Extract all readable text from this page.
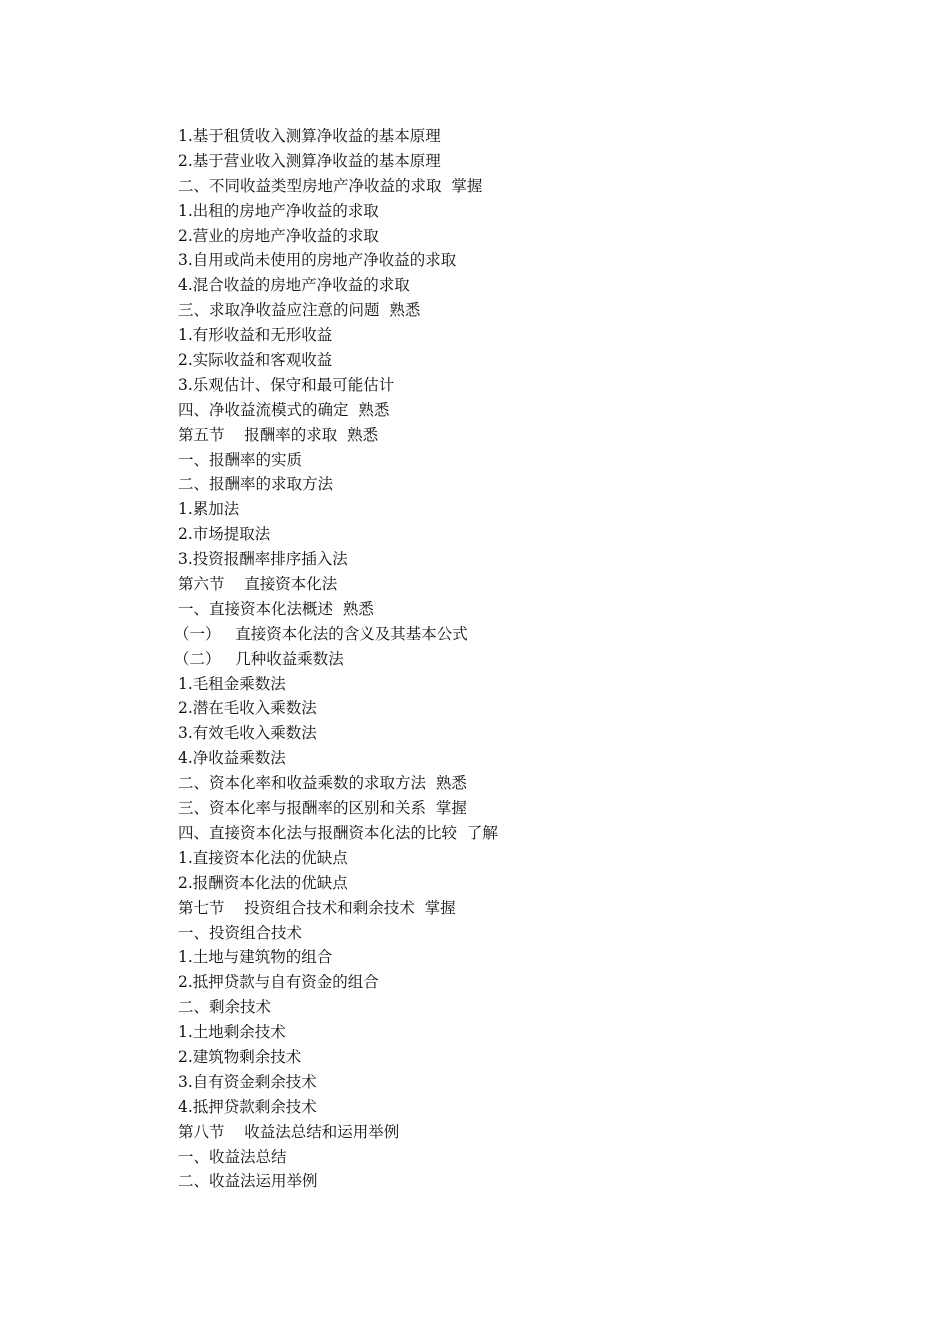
1.基于租赁收入测算净收益的基本原理
2.基于营业收入测算净收益的基本原理
二、不同收益类型房地产净收益的求取  掌握
1.出租的房地产净收益的求取
2.营业的房地产净收益的求取
3.自用或尚未使用的房地产净收益的求取
4.混合收益的房地产净收益的求取
三、求取净收益应注意的问题  熟悉
1.有形收益和无形收益
2.实际收益和客观收益
3.乐观估计、保守和最可能估计
四、净收益流模式的确定  熟悉
第五节    报酬率的求取  熟悉
一、报酬率的实质
二、报酬率的求取方法
1.累加法
2.市场提取法
3.投资报酬率排序插入法
第六节    直接资本化法
一、直接资本化法概述  熟悉
（一）   直接资本化法的含义及其基本公式
（二）   几种收益乘数法
1.毛租金乘数法
2.潜在毛收入乘数法
3.有效毛收入乘数法
4.净收益乘数法
二、资本化率和收益乘数的求取方法  熟悉
三、资本化率与报酬率的区别和关系  掌握
四、直接资本化法与报酬资本化法的比较  了解
1.直接资本化法的优缺点
2.报酬资本化法的优缺点
第七节    投资组合技术和剩余技术  掌握
一、投资组合技术
1.土地与建筑物的组合
2.抵押贷款与自有资金的组合
二、剩余技术
1.土地剩余技术
2.建筑物剩余技术
3.自有资金剩余技术
4.抵押贷款剩余技术
第八节    收益法总结和运用举例
一、收益法总结
二、收益法运用举例
